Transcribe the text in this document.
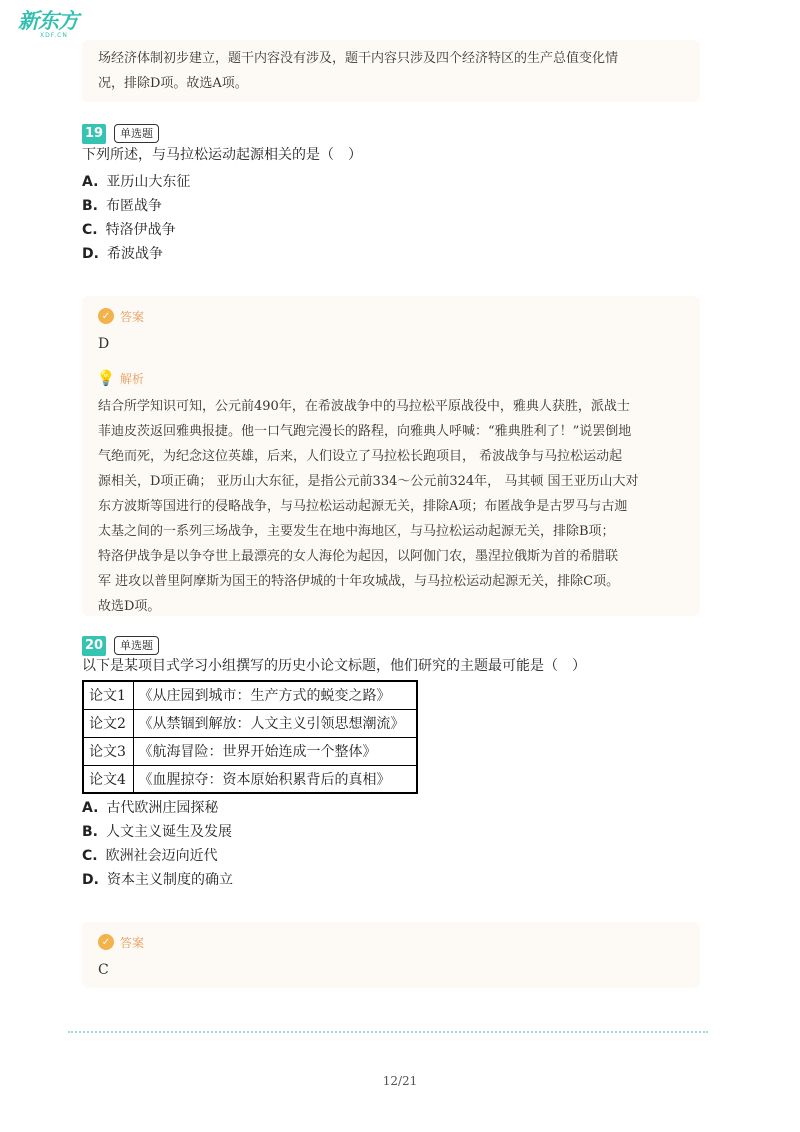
新东方
XDF.CN
场经济体制初步建立，题干内容没有涉及，题干内容只涉及四个经济特区的生产总值变化情
况，排除D项。故选A项。
19	单选题
下列所述，与马拉松运动起源相关的是（　）
A. 亚历山大东征
B. 布匿战争
C. 特洛伊战争
D. 希波战争
✓ 答案
D
💡 解析
结合所学知识可知，公元前490年，在希波战争中的马拉松平原战役中，雅典人获胜，派战士
菲迪皮茨返回雅典报捷。他一口气跑完漫长的路程，向雅典人呼喊：“雅典胜利了！”说罢倒地
气绝而死，为纪念这位英雄，后来，人们设立了马拉松长跑项目， 希波战争与马拉松运动起
源相关，D项正确； 亚历山大东征，是指公元前334～公元前324年， 马其顿 国王亚历山大对
东方波斯等国进行的侵略战争，与马拉松运动起源无关，排除A项；布匿战争是古罗马与古迦
太基之间的一系列三场战争，主要发生在地中海地区，与马拉松运动起源无关，排除B项；
特洛伊战争是以争夺世上最漂亮的女人海伦为起因，以阿伽门农，墨涅拉俄斯为首的希腊联
军 进攻以普里阿摩斯为国王的特洛伊城的十年攻城战，与马拉松运动起源无关，排除C项。
故选D项。
20	单选题
以下是某项目式学习小组撰写的历史小论文标题，他们研究的主题最可能是（　）
论文1	《从庄园到城市：生产方式的蜕变之路》
论文2	《从禁锢到解放：人文主义引领思想潮流》
论文3	《航海冒险：世界开始连成一个整体》
论文4	《血腥掠夺：资本原始积累背后的真相》
A. 古代欧洲庄园探秘
B. 人文主义诞生及发展
C. 欧洲社会迈向近代
D. 资本主义制度的确立
✓ 答案
C
12/21
